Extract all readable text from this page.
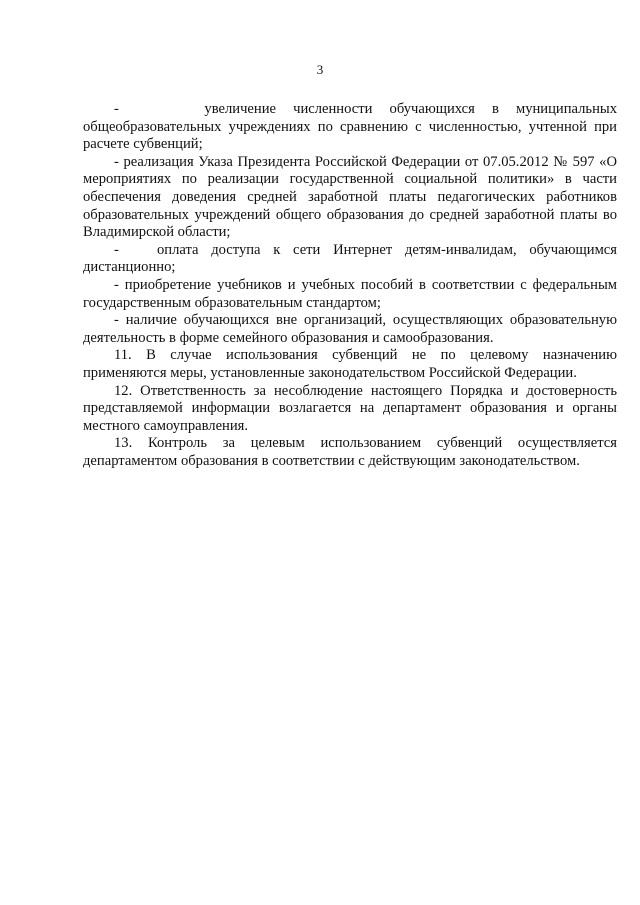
3

-     увеличение численности обучающихся в муниципальных общеобразовательных учреждениях по сравнению с численностью, учтенной при расчете субвенций;

- реализация Указа Президента Российской Федерации от 07.05.2012 № 597 «О мероприятиях по реализации государственной социальной политики» в части обеспечения доведения средней заработной платы педагогических работников образовательных учреждений общего образования до средней заработной платы во Владимирской области;

-   оплата доступа к сети Интернет детям-инвалидам, обучающимся дистанционно;

- приобретение учебников и учебных пособий в соответствии с федеральным государственным образовательным стандартом;

- наличие обучающихся вне организаций, осуществляющих образовательную деятельность в форме семейного образования и самообразования.

11. В случае использования субвенций не по целевому назначению применяются меры, установленные законодательством Российской Федерации.

12. Ответственность за несоблюдение настоящего Порядка и достоверность представляемой информации возлагается на департамент образования и органы местного самоуправления.

13. Контроль за целевым использованием субвенций осуществляется департаментом образования в соответствии с действующим законодательством.
